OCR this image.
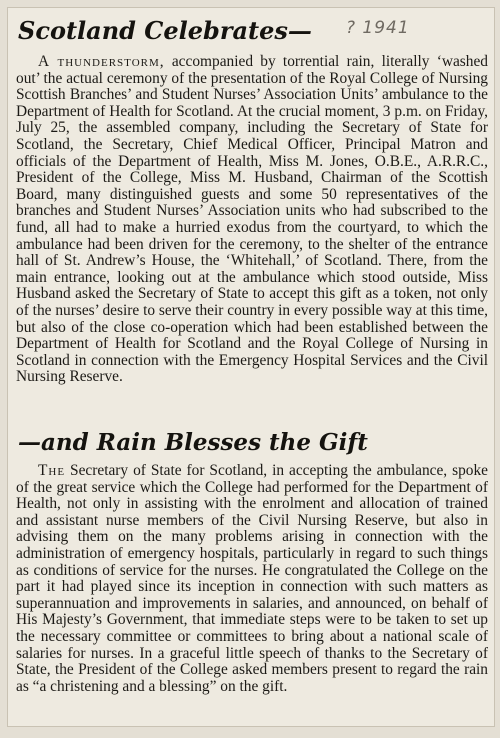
? 1941
Scotland Celebrates—

A thunderstorm, accompanied by torrential rain, literally ‘washed out’ the actual ceremony of the presentation of the Royal College of Nursing Scottish Branches’ and Student Nurses’ Association Units’ ambulance to the Department of Health for Scotland. At the crucial moment, 3 p.m. on Friday, July 25, the assembled company, including the Secretary of State for Scotland, the Secretary, Chief Medical Officer, Principal Matron and officials of the Department of Health, Miss M. Jones, O.B.E., A.R.R.C., President of the College, Miss M. Husband, Chairman of the Scottish Board, many distinguished guests and some 50 representatives of the branches and Student Nurses’ Association units who had subscribed to the fund, all had to make a hurried exodus from the courtyard, to which the ambulance had been driven for the ceremony, to the shelter of the entrance hall of St. Andrew’s House, the ‘Whitehall,’ of Scotland. There, from the main entrance, looking out at the ambulance which stood outside, Miss Husband asked the Secretary of State to accept this gift as a token, not only of the nurses’ desire to serve their country in every possible way at this time, but also of the close co-operation which had been established between the Department of Health for Scotland and the Royal College of Nursing in Scotland in connection with the Emergency Hospital Services and the Civil Nursing Reserve.

—and Rain Blesses the Gift

The Secretary of State for Scotland, in accepting the ambulance, spoke of the great service which the College had performed for the Department of Health, not only in assisting with the enrolment and allocation of trained and assistant nurse members of the Civil Nursing Reserve, but also in advising them on the many problems arising in connection with the administration of emergency hospitals, particularly in regard to such things as conditions of service for the nurses. He congratulated the College on the part it had played since its inception in connection with such matters as superannuation and improvements in salaries, and announced, on behalf of His Majesty’s Government, that immediate steps were to be taken to set up the necessary committee or committees to bring about a national scale of salaries for nurses. In a graceful little speech of thanks to the Secretary of State, the President of the College asked members present to regard the rain as “a christening and a blessing” on the gift.
